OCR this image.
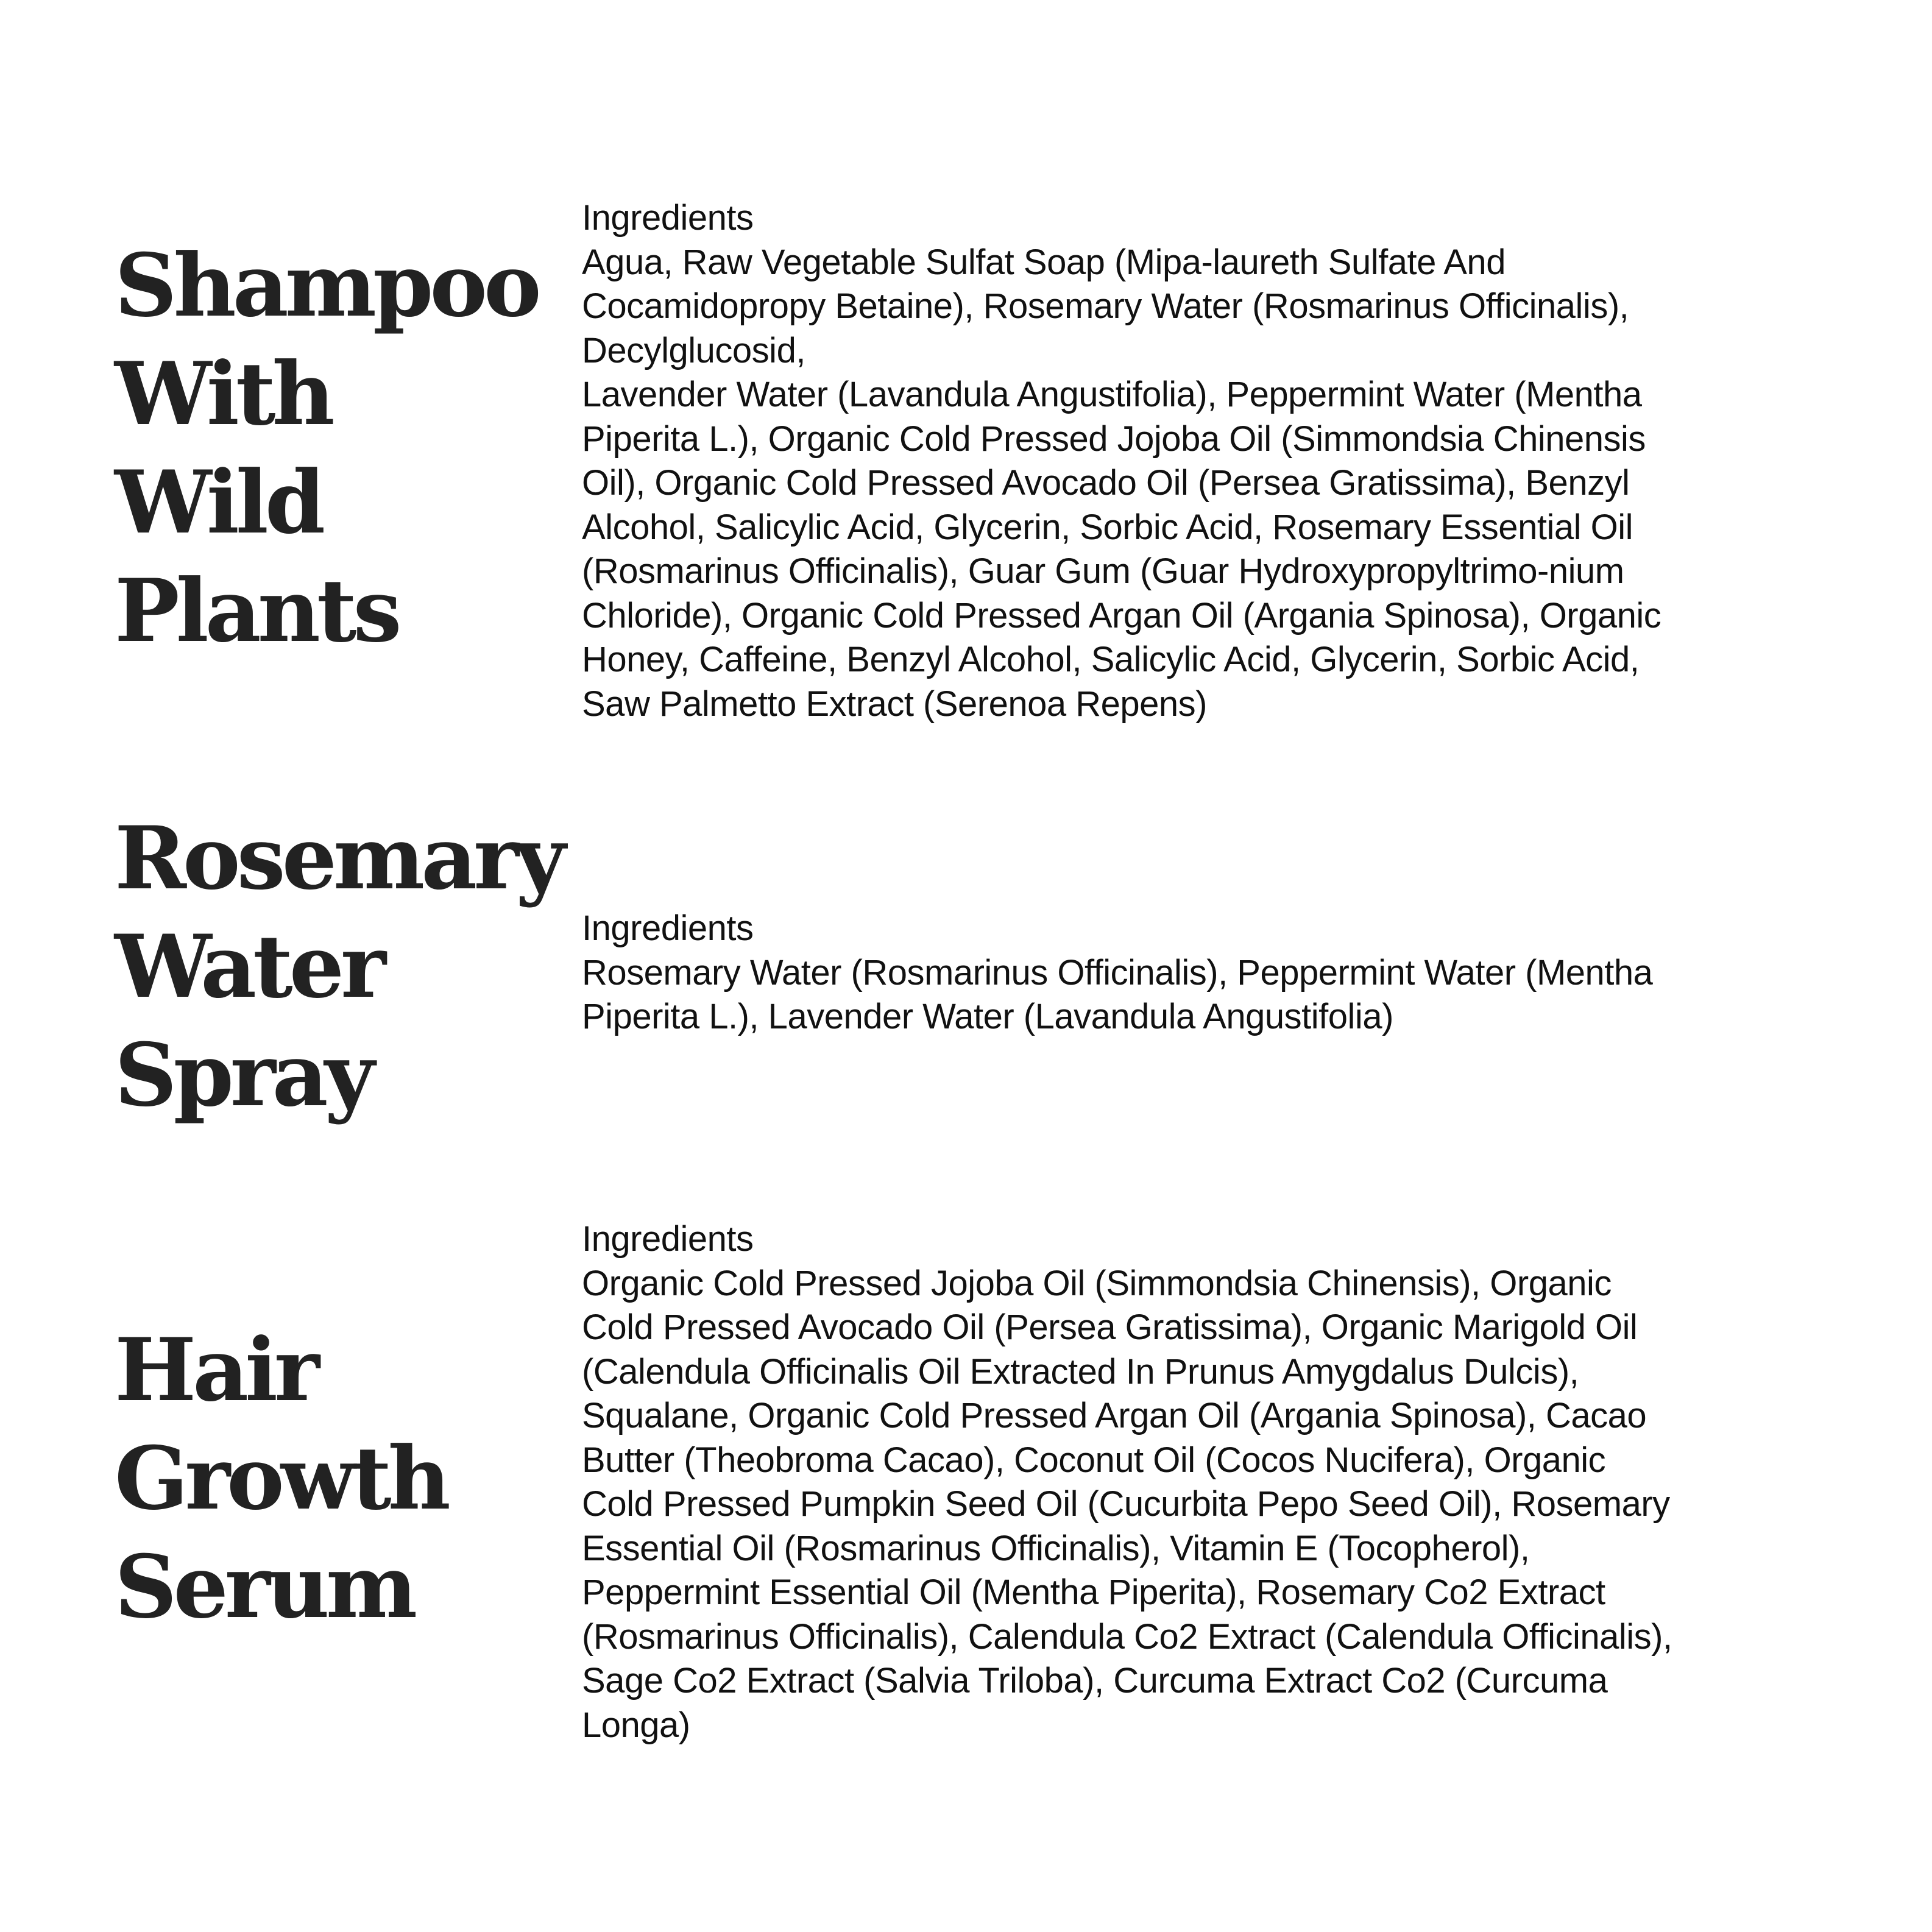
Shampoo
With
Wild
Plants
Ingredients
Agua, Raw Vegetable Sulfat Soap (Mipa-laureth Sulfate And
Cocamidopropy Betaine), Rosemary Water (Rosmarinus Officinalis),
Decylglucosid,
Lavender Water (Lavandula Angustifolia), Peppermint Water (Mentha
Piperita L.), Organic Cold Pressed Jojoba Oil (Simmondsia Chinensis
Oil), Organic Cold Pressed Avocado Oil (Persea Gratissima), Benzyl
Alcohol, Salicylic Acid, Glycerin, Sorbic Acid, Rosemary Essential Oil
(Rosmarinus Officinalis), Guar Gum (Guar Hydroxypropyltrimo-nium
Chloride), Organic Cold Pressed Argan Oil (Argania Spinosa), Organic
Honey, Caffeine, Benzyl Alcohol, Salicylic Acid, Glycerin, Sorbic Acid,
Saw Palmetto Extract (Serenoa Repens)
Rosemary
Water
Spray
Ingredients
Rosemary Water (Rosmarinus Officinalis), Peppermint Water (Mentha
Piperita L.), Lavender Water (Lavandula Angustifolia)
Hair
Growth
Serum
Ingredients
Organic Cold Pressed Jojoba Oil (Simmondsia Chinensis), Organic
Cold Pressed Avocado Oil (Persea Gratissima), Organic Marigold Oil
(Calendula Officinalis Oil Extracted In Prunus Amygdalus Dulcis),
Squalane, Organic Cold Pressed Argan Oil (Argania Spinosa), Cacao
Butter (Theobroma Cacao), Coconut Oil (Cocos Nucifera), Organic
Cold Pressed Pumpkin Seed Oil (Cucurbita Pepo Seed Oil), Rosemary
Essential Oil (Rosmarinus Officinalis), Vitamin E (Tocopherol),
Peppermint Essential Oil (Mentha Piperita), Rosemary Co2 Extract
(Rosmarinus Officinalis), Calendula Co2 Extract (Calendula Officinalis),
Sage Co2 Extract (Salvia Triloba), Curcuma Extract Co2 (Curcuma
Longa)
